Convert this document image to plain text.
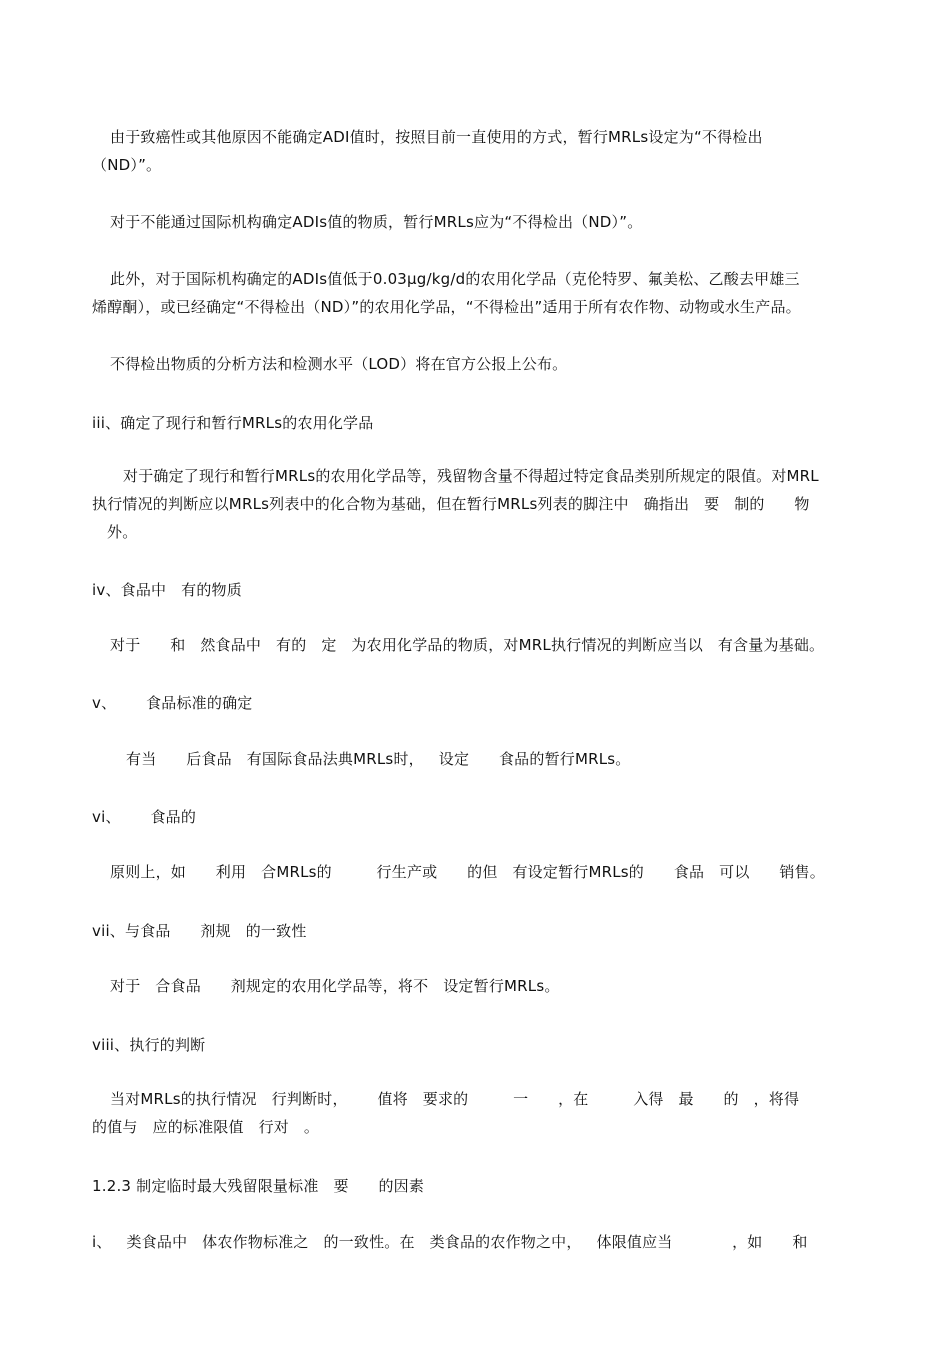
由于致癌性或其他原因不能确定ADI值时，按照目前一直使用的方式，暂行MRLs设定为“不得检出
（ND）”。
对于不能通过国际机构确定ADIs值的物质，暂行MRLs应为“不得检出（ND）”。
此外，对于国际机构确定的ADIs值低于0.03μg/kg/d的农用化学品（克伦特罗、氟美松、乙酸去甲雄三
烯醇酮），或已经确定“不得检出（ND）”的农用化学品，“不得检出”适用于所有农作物、动物或水生产品。
不得检出物质的分析方法和检测水平（LOD）将在官方公报上公布。
iii、确定了现行和暂行MRLs的农用化学品
对于确定了现行和暂行MRLs的农用化学品等，残留物含量不得超过特定食品类别所规定的限值。对MRL
执行情况的判断应以MRLs列表中的化合物为基础，但在暂行MRLs列表的脚注中   确指出   要   制的      物
外。
iv、食品中   有的物质
对于      和   然食品中   有的   定   为农用化学品的物质，对MRL执行情况的判断应当以   有含量为基础。
v、      食品标准的确定
有当      后食品   有国际食品法典MRLs时，   设定      食品的暂行MRLs。
vi、      食品的
原则上，如      利用   合MRLs的         行生产或      的但   有设定暂行MRLs的      食品   可以      销售。
vii、与食品      剂规   的一致性
对于   合食品      剂规定的农用化学品等，将不   设定暂行MRLs。
viii、执行的判断
当对MRLs的执行情况   行判断时，      值将   要求的         一      ，在         入得   最      的   ，将得
的值与   应的标准限值   行对   。
1.2.3 制定临时最大残留限量标准   要      的因素
i、   类食品中   体农作物标准之   的一致性。在   类食品的农作物之中，   体限值应当            ，如      和
